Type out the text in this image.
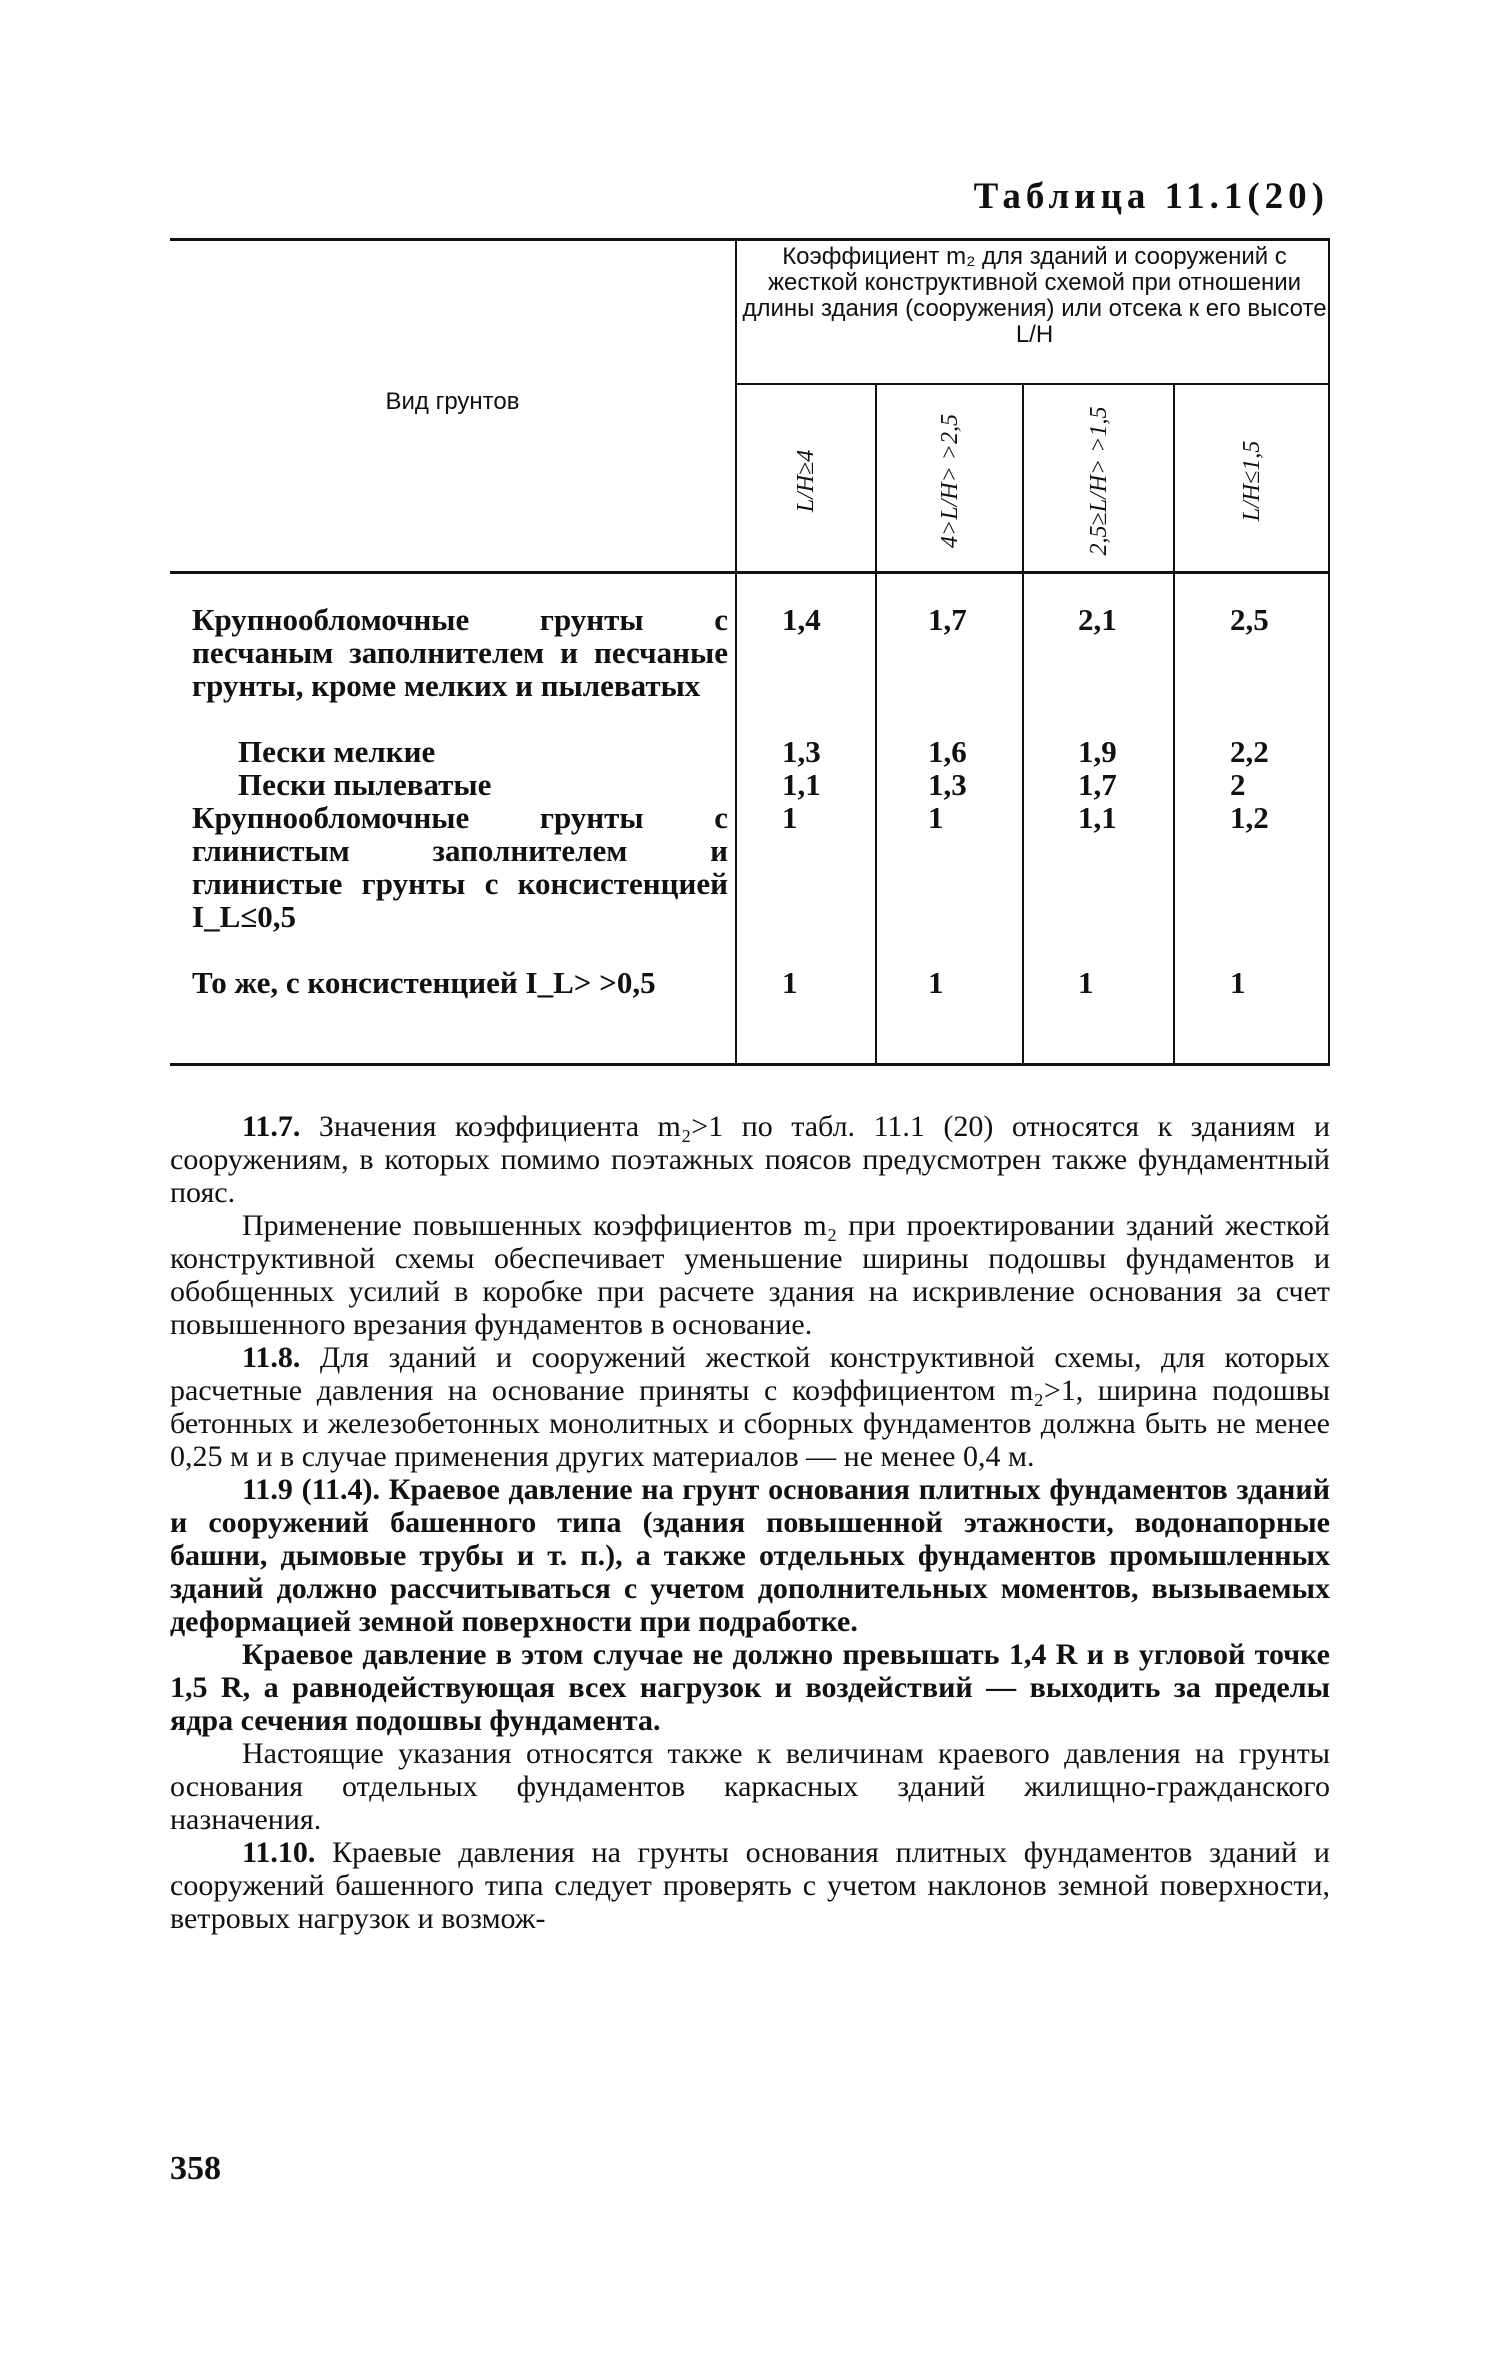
Таблица 11.1(20)
Вид грунтов
Коэффициент m₂ для зданий и сооружений с жесткой конструктивной схемой при отношении длины здания (сооружения) или отсека к его высоте L/H
L/H≥4	4>L/H> >2,5	2,5≥L/H> >1,5	L/H≤1,5
Крупнообломочные грунты с песчаным заполнителем и песчаные грунты, кроме мелких и пылеватых
1,4	1,7	2,1	2,5
Пески мелкие	1,3	1,6	1,9	2,2
Пески пылеватые	1,1	1,3	1,7	2
Крупнообломочные грунты с глинистым заполнителем и глинистые грунты с консистенцией I_L≤0,5
1	1	1,1	1,2
То же, с консистенцией I_L> >0,5	1	1	1	1

11.7. Значения коэффициента m₂>1 по табл. 11.1 (20) относятся к зданиям и сооружениям, в которых помимо поэтажных поясов предусмотрен также фундаментный пояс.

Применение повышенных коэффициентов m₂ при проектировании зданий жесткой конструктивной схемы обеспечивает уменьшение ширины подошвы фундаментов и обобщенных усилий в коробке при расчете здания на искривление основания за счет повышенного врезания фундаментов в основание.

11.8. Для зданий и сооружений жесткой конструктивной схемы, для которых расчетные давления на основание приняты с коэффициентом m₂>1, ширина подошвы бетонных и железобетонных монолитных и сборных фундаментов должна быть не менее 0,25 м и в случае применения других материалов — не менее 0,4 м.

11.9 (11.4). Краевое давление на грунт основания плитных фундаментов зданий и сооружений башенного типа (здания повышенной этажности, водонапорные башни, дымовые трубы и т. п.), а также отдельных фундаментов промышленных зданий должно рассчитываться с учетом дополнительных моментов, вызываемых деформацией земной поверхности при подработке.

Краевое давление в этом случае не должно превышать 1,4 R и в угловой точке 1,5 R, а равнодействующая всех нагрузок и воздействий — выходить за пределы ядра сечения подошвы фундамента.

Настоящие указания относятся также к величинам краевого давления на грунты основания отдельных фундаментов каркасных зданий жилищно-гражданского назначения.

11.10. Краевые давления на грунты основания плитных фундаментов зданий и сооружений башенного типа следует проверять с учетом наклонов земной поверхности, ветровых нагрузок и возмож-

358
